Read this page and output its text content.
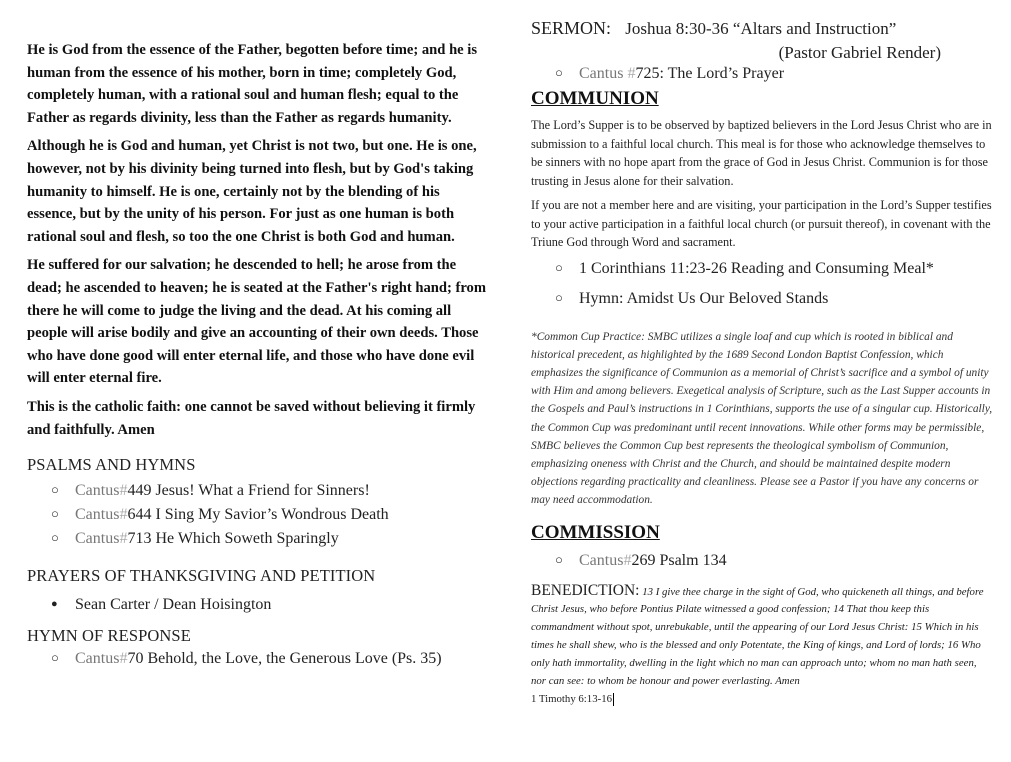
He is God from the essence of the Father, begotten before time; and he is human from the essence of his mother, born in time; completely God, completely human, with a rational soul and human flesh; equal to the Father as regards divinity, less than the Father as regards humanity.

Although he is God and human, yet Christ is not two, but one. He is one, however, not by his divinity being turned into flesh, but by God's taking humanity to himself. He is one, certainly not by the blending of his essence, but by the unity of his person. For just as one human is both rational soul and flesh, so too the one Christ is both God and human.

He suffered for our salvation; he descended to hell; he arose from the dead; he ascended to heaven; he is seated at the Father's right hand; from there he will come to judge the living and the dead. At his coming all people will arise bodily and give an accounting of their own deeds. Those who have done good will enter eternal life, and those who have done evil will enter eternal fire.

This is the catholic faith: one cannot be saved without believing it firmly and faithfully. Amen

PSALMS AND HYMNS

○ Cantus#449 Jesus! What a Friend for Sinners!
○ Cantus#644 I Sing My Savior’s Wondrous Death
○ Cantus#713 He Which Soweth Sparingly

PRAYERS OF THANKSGIVING AND PETITION

● Sean Carter / Dean Hoisington

HYMN OF RESPONSE

○ Cantus#70 Behold, the Love, the Generous Love (Ps. 35)
SERMON: Joshua 8:30-36 “Altars and Instruction”
(Pastor Gabriel Render)
○ Cantus #725: The Lord’s Prayer

COMMUNION

The Lord’s Supper is to be observed by baptized believers in the Lord Jesus Christ who are in submission to a faithful local church. This meal is for those who acknowledge themselves to be sinners with no hope apart from the grace of God in Jesus Christ. Communion is for those trusting in Jesus alone for their salvation.

If you are not a member here and are visiting, your participation in the Lord’s Supper testifies to your active participation in a faithful local church (or pursuit thereof), in covenant with the Triune God through Word and sacrament.

○ 1 Corinthians 11:23-26 Reading and Consuming Meal*
○ Hymn: Amidst Us Our Beloved Stands

*Common Cup Practice: SMBC utilizes a single loaf and cup which is rooted in biblical and historical precedent, as highlighted by the 1689 Second London Baptist Confession, which emphasizes the significance of Communion as a memorial of Christ’s sacrifice and a symbol of unity with Him and among believers. Exegetical analysis of Scripture, such as the Last Supper accounts in the Gospels and Paul’s instructions in 1 Corinthians, supports the use of a singular cup. Historically, the Common Cup was predominant until recent innovations. While other forms may be permissible, SMBC believes the Common Cup best represents the theological symbolism of Communion, emphasizing oneness with Christ and the Church, and should be maintained despite modern objections regarding practicality and cleanliness. Please see a Pastor if you have any concerns or may need accommodation.

COMMISSION

○ Cantus#269 Psalm 134
BENEDICTION: 13 I give thee charge in the sight of God, who quickeneth all things, and before Christ Jesus, who before Pontius Pilate witnessed a good confession; 14 That thou keep this commandment without spot, unrebukable, until the appearing of our Lord Jesus Christ: 15 Which in his times he shall shew, who is the blessed and only Potentate, the King of kings, and Lord of lords; 16 Who only hath immortality, dwelling in the light which no man can approach unto; whom no man hath seen, nor can see: to whom be honour and power everlasting. Amen
1 Timothy 6:13-16
